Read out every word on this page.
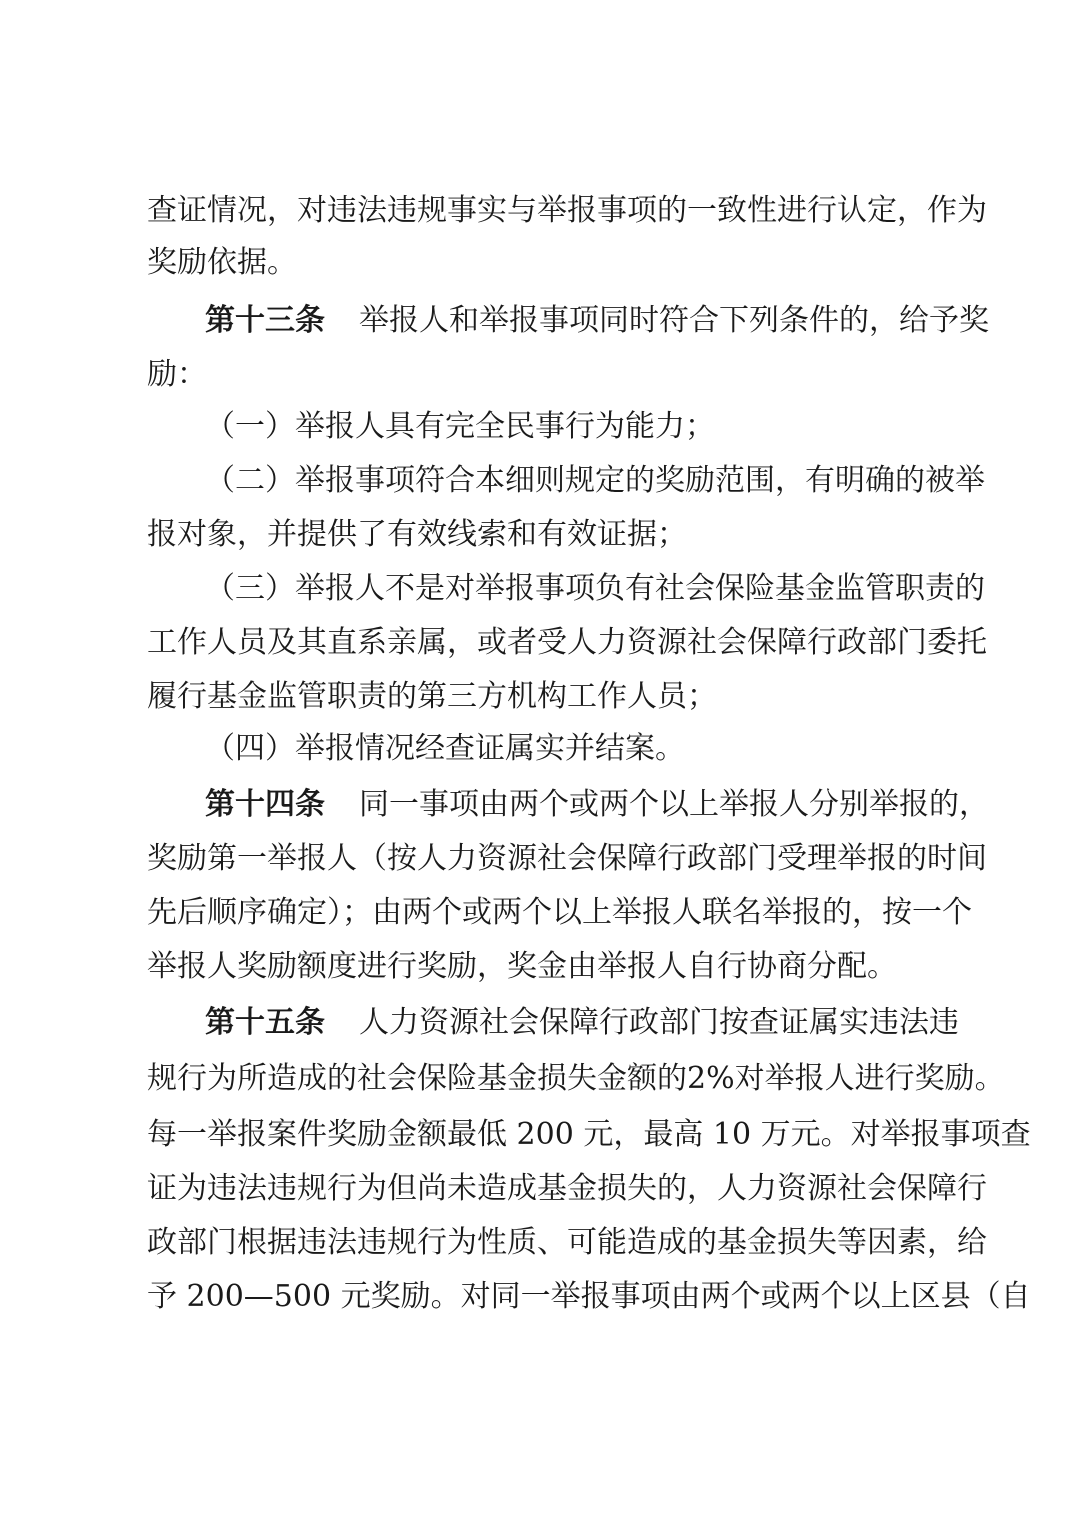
查证情况，对违法违规事实与举报事项的一致性进行认定，作为
奖励依据。
第十三条 举报人和举报事项同时符合下列条件的，给予奖
励：
（一）举报人具有完全民事行为能力；
（二）举报事项符合本细则规定的奖励范围，有明确的被举
报对象，并提供了有效线索和有效证据；
（三）举报人不是对举报事项负有社会保险基金监管职责的
工作人员及其直系亲属，或者受人力资源社会保障行政部门委托
履行基金监管职责的第三方机构工作人员；
（四）举报情况经查证属实并结案。
第十四条 同一事项由两个或两个以上举报人分别举报的，
奖励第一举报人（按人力资源社会保障行政部门受理举报的时间
先后顺序确定）；由两个或两个以上举报人联名举报的，按一个
举报人奖励额度进行奖励，奖金由举报人自行协商分配。
第十五条 人力资源社会保障行政部门按查证属实违法违
规行为所造成的社会保险基金损失金额的2%对举报人进行奖励。
每一举报案件奖励金额最低 200 元，最高 10 万元。对举报事项查
证为违法违规行为但尚未造成基金损失的，人力资源社会保障行
政部门根据违法违规行为性质、可能造成的基金损失等因素，给
予 200—500 元奖励。对同一举报事项由两个或两个以上区县（自
